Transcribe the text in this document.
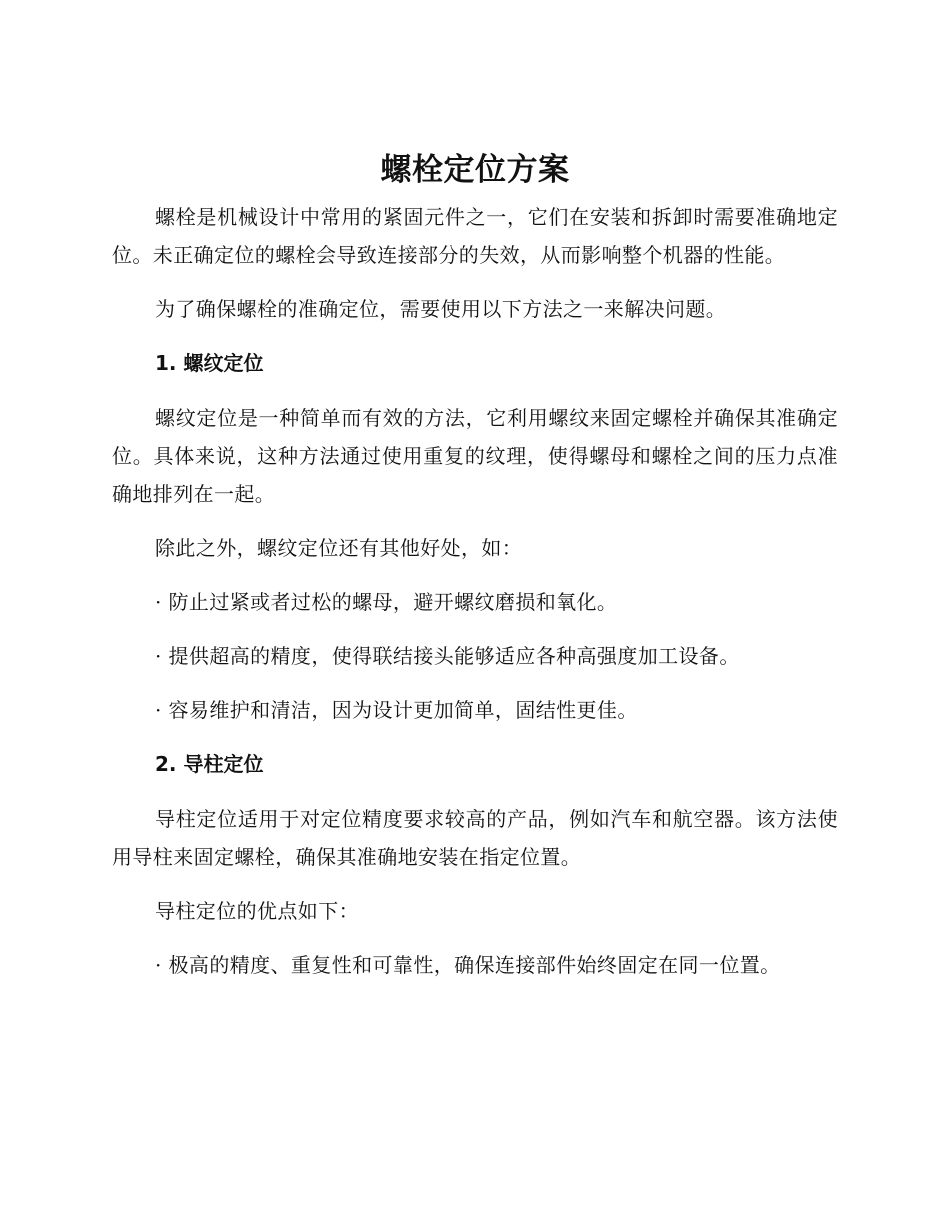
螺栓定位方案

螺栓是机械设计中常用的紧固元件之一，它们在安装和拆卸时需要准确地定位。未正确定位的螺栓会导致连接部分的失效，从而影响整个机器的性能。

为了确保螺栓的准确定位，需要使用以下方法之一来解决问题。

1. 螺纹定位

螺纹定位是一种简单而有效的方法，它利用螺纹来固定螺栓并确保其准确定位。具体来说，这种方法通过使用重复的纹理，使得螺母和螺栓之间的压力点准确地排列在一起。

除此之外，螺纹定位还有其他好处，如：

· 防止过紧或者过松的螺母，避开螺纹磨损和氧化。
· 提供超高的精度，使得联结接头能够适应各种高强度加工设备。
· 容易维护和清洁，因为设计更加简单，固结性更佳。
2. 导柱定位

导柱定位适用于对定位精度要求较高的产品，例如汽车和航空器。该方法使用导柱来固定螺栓，确保其准确地安装在指定位置。

导柱定位的优点如下：

· 极高的精度、重复性和可靠性，确保连接部件始终固定在同一位置。
